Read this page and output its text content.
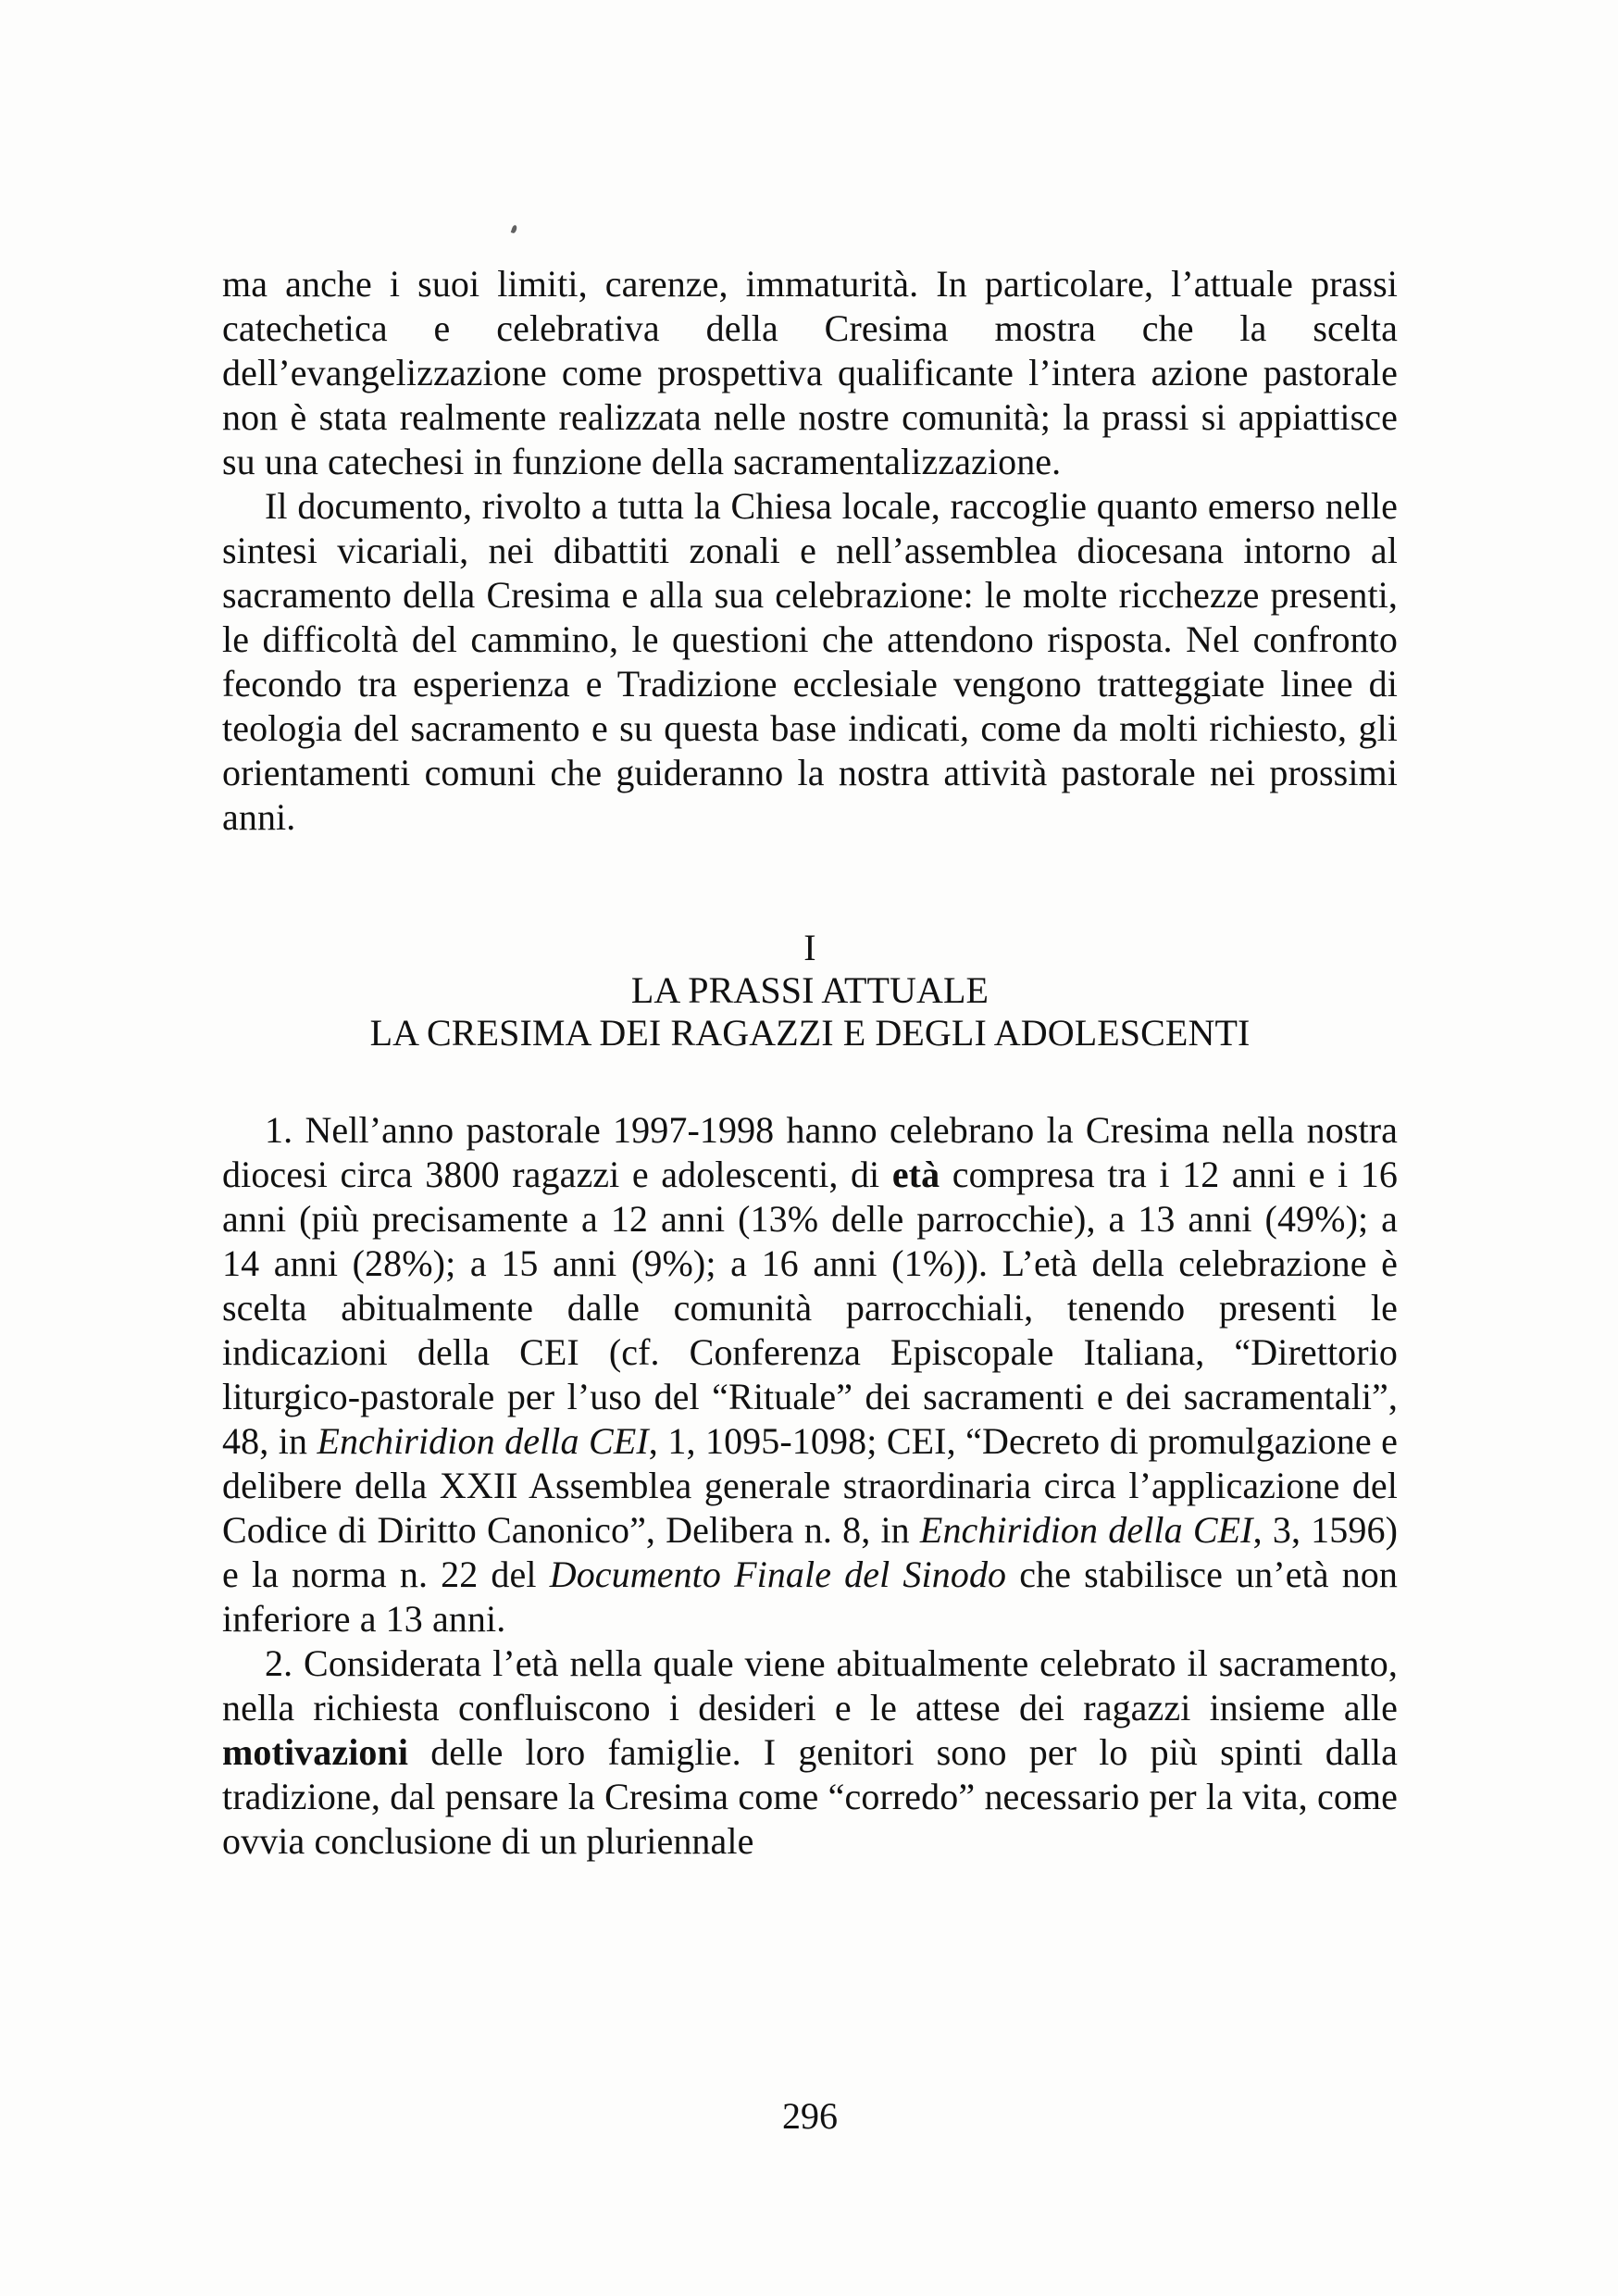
ma anche i suoi limiti, carenze, immaturità. In particolare, l’attuale prassi catechetica e celebrativa della Cresima mostra che la scelta dell’evangelizzazione come prospettiva qualificante l’intera azione pastorale non è stata realmente realizzata nelle nostre comunità; la prassi si appiattisce su una catechesi in funzione della sacramentalizzazione.

Il documento, rivolto a tutta la Chiesa locale, raccoglie quanto emerso nelle sintesi vicariali, nei dibattiti zonali e nell’assemblea diocesana intorno al sacramento della Cresima e alla sua celebrazione: le molte ricchezze presenti, le difficoltà del cammino, le questioni che attendono risposta. Nel confronto fecondo tra esperienza e Tradizione ecclesiale vengono tratteggiate linee di teologia del sacramento e su questa base indicati, come da molti richiesto, gli orientamenti comuni che guideranno la nostra attività pastorale nei prossimi anni.

I
LA PRASSI ATTUALE
LA CRESIMA DEI RAGAZZI E DEGLI ADOLESCENTI

1. Nell’anno pastorale 1997-1998 hanno celebrano la Cresima nella nostra diocesi circa 3800 ragazzi e adolescenti, di età compresa tra i 12 anni e i 16 anni (più precisamente a 12 anni (13% delle parrocchie), a 13 anni (49%); a 14 anni (28%); a 15 anni (9%); a 16 anni (1%)). L’età della celebrazione è scelta abitualmente dalle comunità parrocchiali, tenendo presenti le indicazioni della CEI (cf. Conferenza Episcopale Italiana, “Direttorio liturgico-pastorale per l’uso del “Rituale” dei sacramenti e dei sacramentali”, 48, in Enchiridion della CEI, 1, 1095-1098; CEI, “Decreto di promulgazione e delibere della XXII Assemblea generale straordinaria circa l’applicazione del Codice di Diritto Canonico”, Delibera n. 8, in Enchiridion della CEI, 3, 1596) e la norma n. 22 del Documento Finale del Sinodo che stabilisce un’età non inferiore a 13 anni.

2. Considerata l’età nella quale viene abitualmente celebrato il sacramento, nella richiesta confluiscono i desideri e le attese dei ragazzi insieme alle motivazioni delle loro famiglie. I genitori sono per lo più spinti dalla tradizione, dal pensare la Cresima come “corredo” necessario per la vita, come ovvia conclusione di un pluriennale

296
